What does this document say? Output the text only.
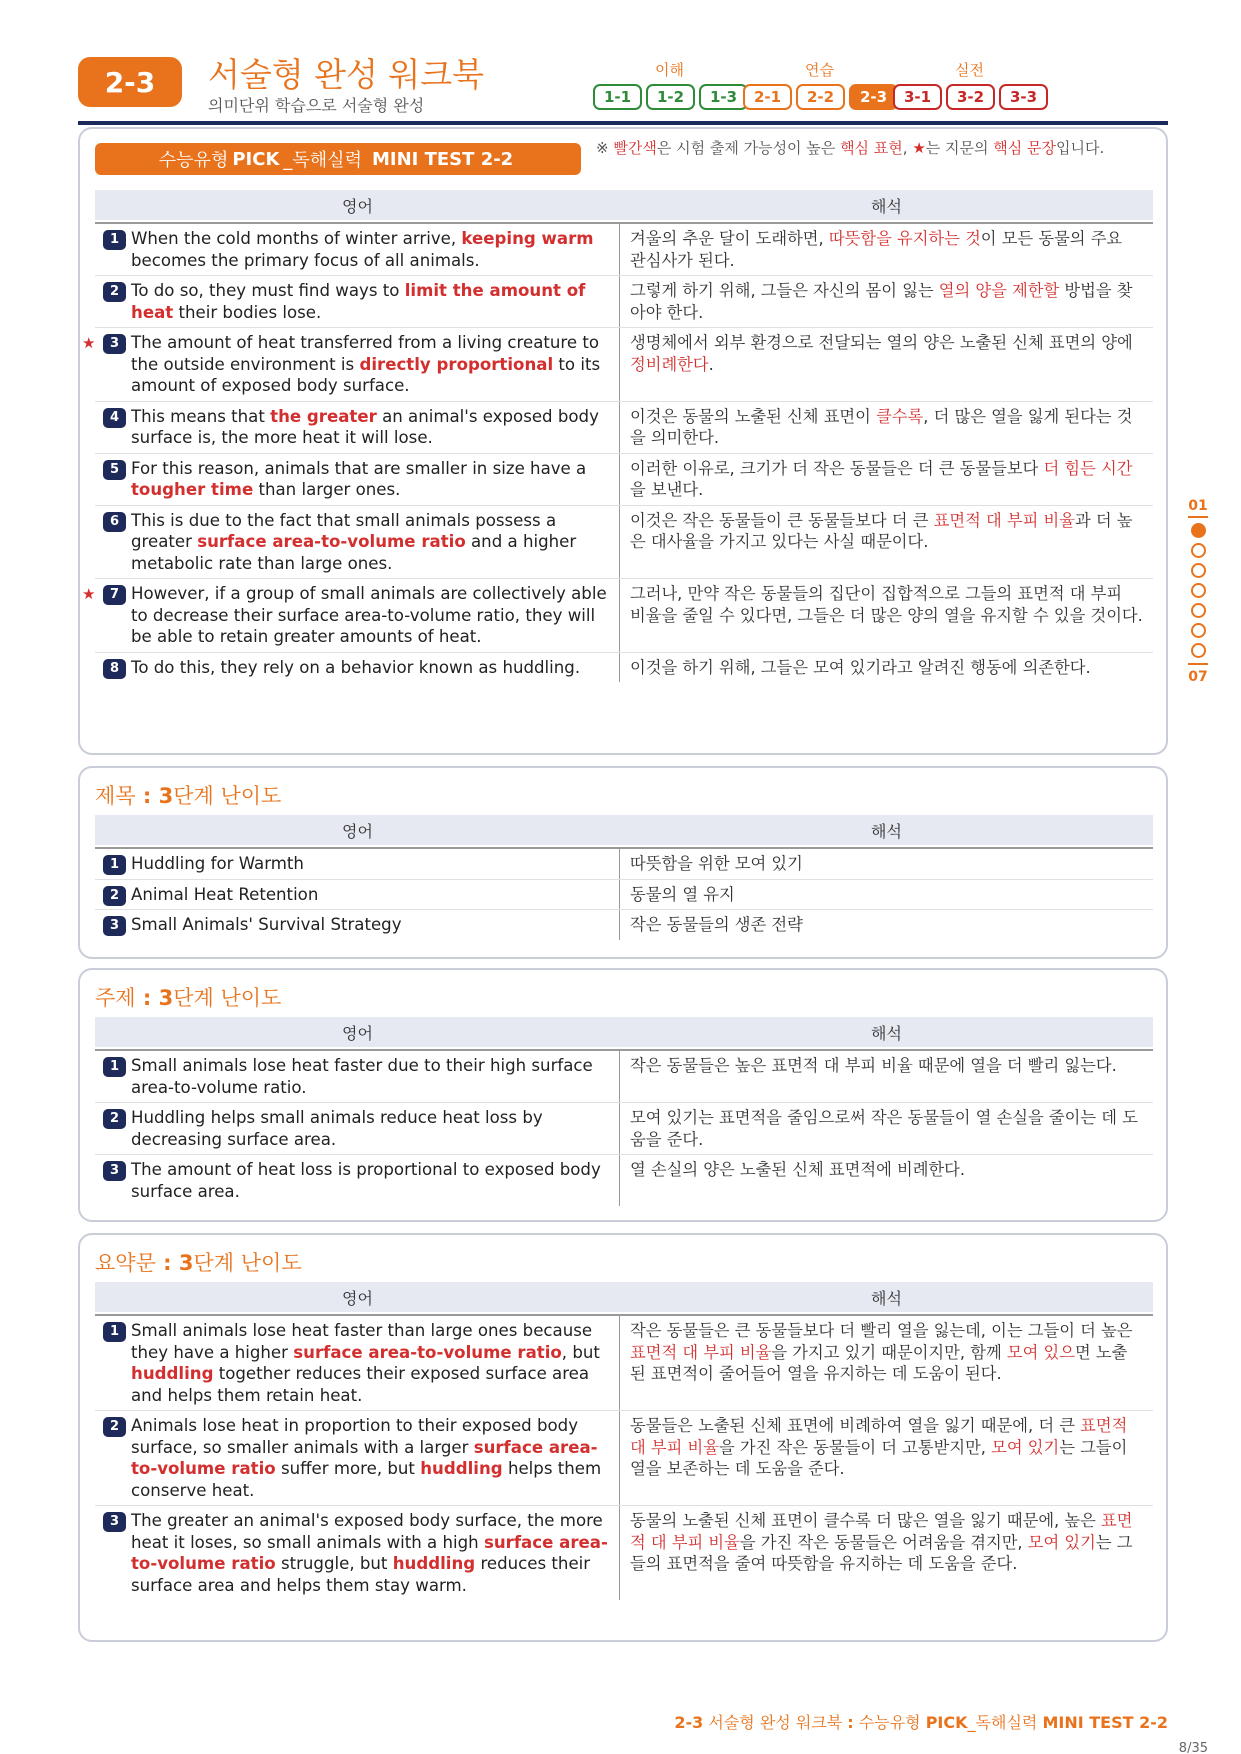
2-3	서술형 완성 워크북
의미단위 학습으로 서술형 완성
이해
1-1	1-2	1-3
연습
2-1	2-2	2-3
실전
3-1	3-2	3-3
01
07
수능유형 PICK _독해실력 MINI TEST 2-2
※ 빨간색은 시험 출제 가능성이 높은 핵심 표현, ★는 지문의 핵심 문장입니다.
영어	해석
1 When the cold months of winter arrive, keeping warm becomes the primary focus of all animals.
겨울의 추운 달이 도래하면, 따뜻함을 유지하는 것이 모든 동물의 주요 관심사가 된다.
2 To do so, they must find ways to limit the amount of heat their bodies lose.
그렇게 하기 위해, 그들은 자신의 몸이 잃는 열의 양을 제한할 방법을 찾아야 한다.
★	3 The amount of heat transferred from a living creature to the outside environment is directly proportional to its amount of exposed body surface.
생명체에서 외부 환경으로 전달되는 열의 양은 노출된 신체 표면의 양에 정비례한다.
4 This means that the greater an animal's exposed body surface is, the more heat it will lose.
이것은 동물의 노출된 신체 표면이 클수록, 더 많은 열을 잃게 된다는 것을 의미한다.
5 For this reason, animals that are smaller in size have a tougher time than larger ones.
이러한 이유로, 크기가 더 작은 동물들은 더 큰 동물들보다 더 힘든 시간을 보낸다.
6 This is due to the fact that small animals possess a greater surface area-to-volume ratio and a higher metabolic rate than large ones.
이것은 작은 동물들이 큰 동물들보다 더 큰 표면적 대 부피 비율과 더 높은 대사율을 가지고 있다는 사실 때문이다.
★	7 However, if a group of small animals are collectively able to decrease their surface area-to-volume ratio, they will be able to retain greater amounts of heat.
그러나, 만약 작은 동물들의 집단이 집합적으로 그들의 표면적 대 부피 비율을 줄일 수 있다면, 그들은 더 많은 양의 열을 유지할 수 있을 것이다.
8 To do this, they rely on a behavior known as huddling.	이것을 하기 위해, 그들은 모여 있기라고 알려진 행동에 의존한다.
제목 : 3단계 난이도
영어	해석
1 Huddling for Warmth	따뜻함을 위한 모여 있기
2 Animal Heat Retention	동물의 열 유지
3 Small Animals' Survival Strategy	작은 동물들의 생존 전략
주제 : 3단계 난이도
영어	해석
1 Small animals lose heat faster due to their high surface area-to-volume ratio.
작은 동물들은 높은 표면적 대 부피 비율 때문에 열을 더 빨리 잃는다.
2 Huddling helps small animals reduce heat loss by decreasing surface area.
모여 있기는 표면적을 줄임으로써 작은 동물들이 열 손실을 줄이는 데 도움을 준다.
3 The amount of heat loss is proportional to exposed body surface area.
열 손실의 양은 노출된 신체 표면적에 비례한다.
요약문 : 3단계 난이도
영어	해석
1 Small animals lose heat faster than large ones because they have a higher surface area-to-volume ratio, but huddling together reduces their exposed surface area and helps them retain heat.
작은 동물들은 큰 동물들보다 더 빨리 열을 잃는데, 이는 그들이 더 높은 표면적 대 부피 비율을 가지고 있기 때문이지만, 함께 모여 있으면 노출된 표면적이 줄어들어 열을 유지하는 데 도움이 된다.
2 Animals lose heat in proportion to their exposed body surface, so smaller animals with a larger surface area-to-volume ratio suffer more, but huddling helps them conserve heat.
동물들은 노출된 신체 표면에 비례하여 열을 잃기 때문에, 더 큰 표면적 대 부피 비율을 가진 작은 동물들이 더 고통받지만, 모여 있기는 그들이 열을 보존하는 데 도움을 준다.
3 The greater an animal's exposed body surface, the more heat it loses, so small animals with a high surface area-to-volume ratio struggle, but huddling reduces their surface area and helps them stay warm.
동물의 노출된 신체 표면이 클수록 더 많은 열을 잃기 때문에, 높은 표면적 대 부피 비율을 가진 작은 동물들은 어려움을 겪지만, 모여 있기는 그들의 표면적을 줄여 따뜻함을 유지하는 데 도움을 준다.
2-3 서술형 완성 워크북 : 수능유형 PICK_독해실력 MINI TEST 2-2
8/35
